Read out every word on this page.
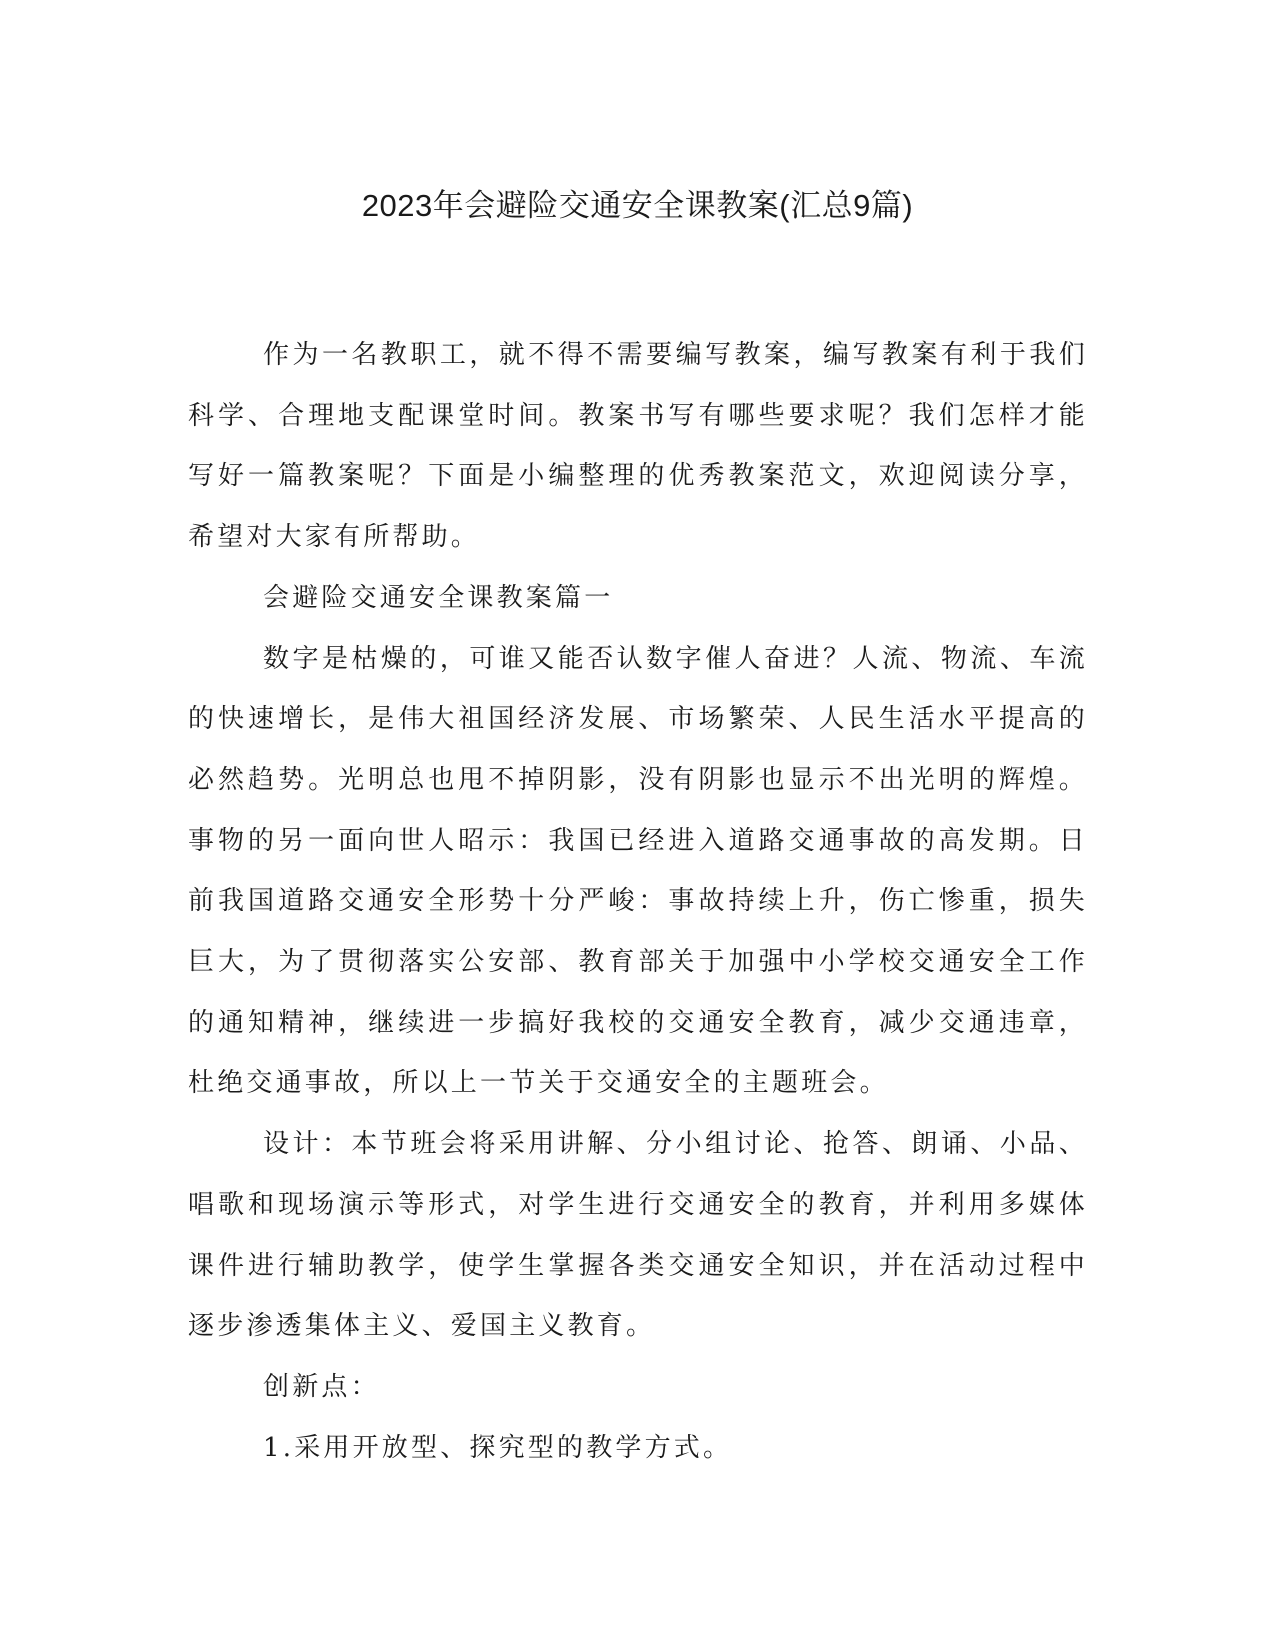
2023年会避险交通安全课教案(汇总9篇)

作为一名教职工，就不得不需要编写教案，编写教案有利于我们科学、合理地支配课堂时间。教案书写有哪些要求呢？我们怎样才能写好一篇教案呢？下面是小编整理的优秀教案范文，欢迎阅读分享，希望对大家有所帮助。

会避险交通安全课教案篇一

数字是枯燥的，可谁又能否认数字催人奋进？人流、物流、车流的快速增长，是伟大祖国经济发展、市场繁荣、人民生活水平提高的必然趋势。光明总也甩不掉阴影，没有阴影也显示不出光明的辉煌。事物的另一面向世人昭示：我国已经进入道路交通事故的高发期。日前我国道路交通安全形势十分严峻：事故持续上升，伤亡惨重，损失巨大，为了贯彻落实公安部、教育部关于加强中小学校交通安全工作的通知精神，继续进一步搞好我校的交通安全教育，减少交通违章，杜绝交通事故，所以上一节关于交通安全的主题班会。

设计：本节班会将采用讲解、分小组讨论、抢答、朗诵、小品、唱歌和现场演示等形式，对学生进行交通安全的教育，并利用多媒体课件进行辅助教学，使学生掌握各类交通安全知识，并在活动过程中逐步渗透集体主义、爱国主义教育。

创新点：

1.采用开放型、探究型的教学方式。
